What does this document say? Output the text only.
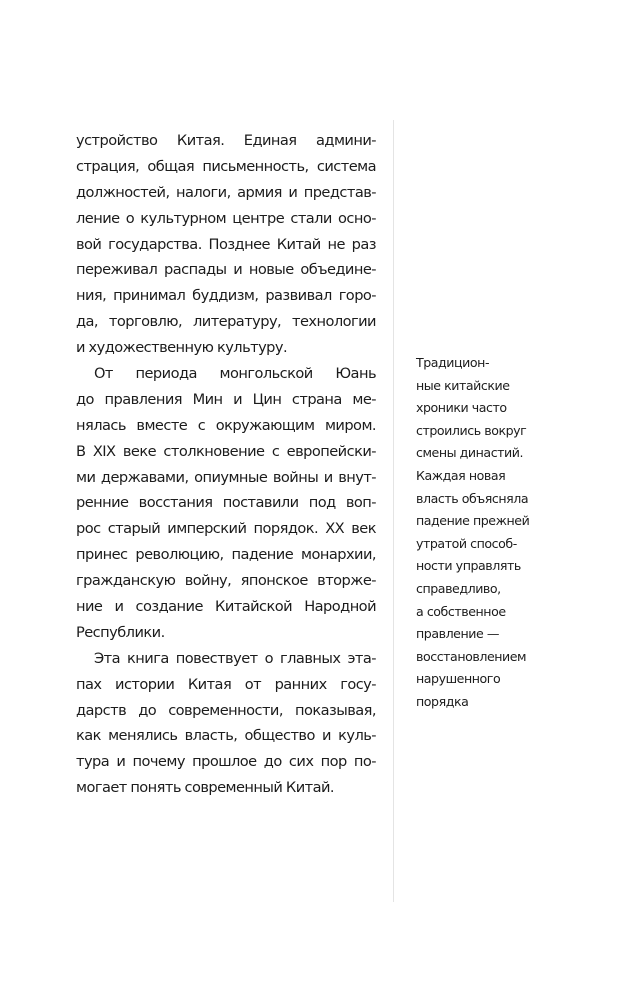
устройство Китая. Единая админи-
страция, общая письменность, система
должностей, налоги, армия и представ-
ление о культурном центре стали осно-
вой государства. Позднее Китай не раз
переживал распады и новые объедине-
ния, принимал буддизм, развивал горо-
да, торговлю, литературу, технологии
и художественную культуру.
От периода монгольской Юань
до правления Мин и Цин страна ме-
нялась вместе с окружающим миром.
В XIX веке столкновение с европейски-
ми державами, опиумные войны и внут-
ренние восстания поставили под воп-
рос старый имперский порядок. XX век
принес революцию, падение монархии,
гражданскую войну, японское вторже-
ние и создание Китайской Народной
Республики.
Эта книга повествует о главных эта-
пах истории Китая от ранних госу-
дарств до современности, показывая,
как менялись власть, общество и куль-
тура и почему прошлое до сих пор по-
могает понять современный Китай.
Традицион-
ные китайские
хроники часто
строились вокруг
смены династий.
Каждая новая
власть объясняла
падение прежней
утратой способ-
ности управлять
справедливо,
а собственное
правление —
восстановлением
нарушенного
порядка
